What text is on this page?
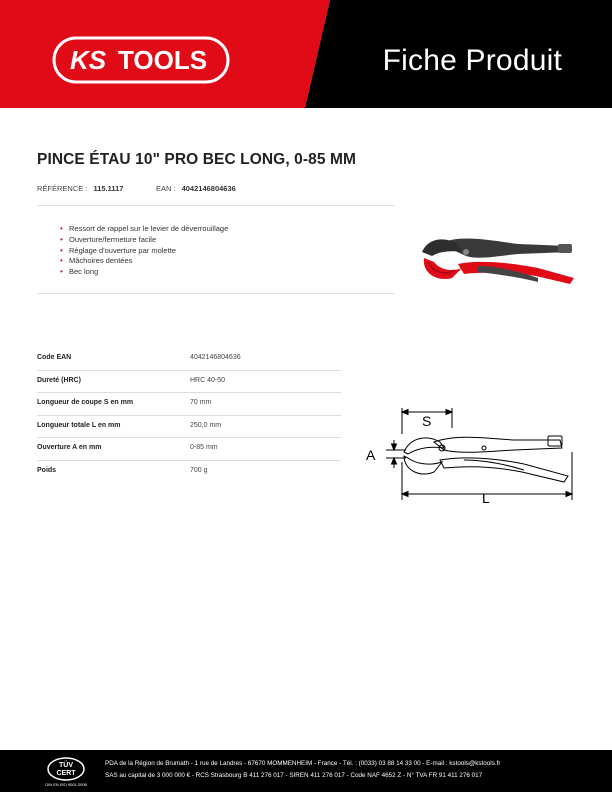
KS TOOLS	Fiche Produit
PINCE ÉTAU 10" PRO BEC LONG, 0-85 MM
RÉFÉRENCE : 115.1117	EAN : 4042146804636
• Ressort de rappel sur le levier de déverrouillage
• Ouverture/fermeture facile
• Réglage d'ouverture par molette
• Mâchoires dentées
• Bec long
Code EAN	4042146804636
Dureté (HRC)	HRC 40-50
Longueur de coupe S en mm	70 mm
Longueur totale L en mm	250,0 mm
Ouverture A en mm	0-85 mm
Poids	700 g
S
A
L
TÜV
CERT
DIN EN ISO 9001:2008
PDA de la Région de Brumath - 1 rue de Landres - 67670 MOMMENHEIM - France - Tél. : (0033) 03 88 14 33 00 - E-mail : kstools@kstools.fr
SAS au capital de 3 000 000 € - RCS Strasbourg B 411 276 017 - SIREN 411 276 017 - Code NAF 4652 Z - N° TVA FR 91 411 276 017
